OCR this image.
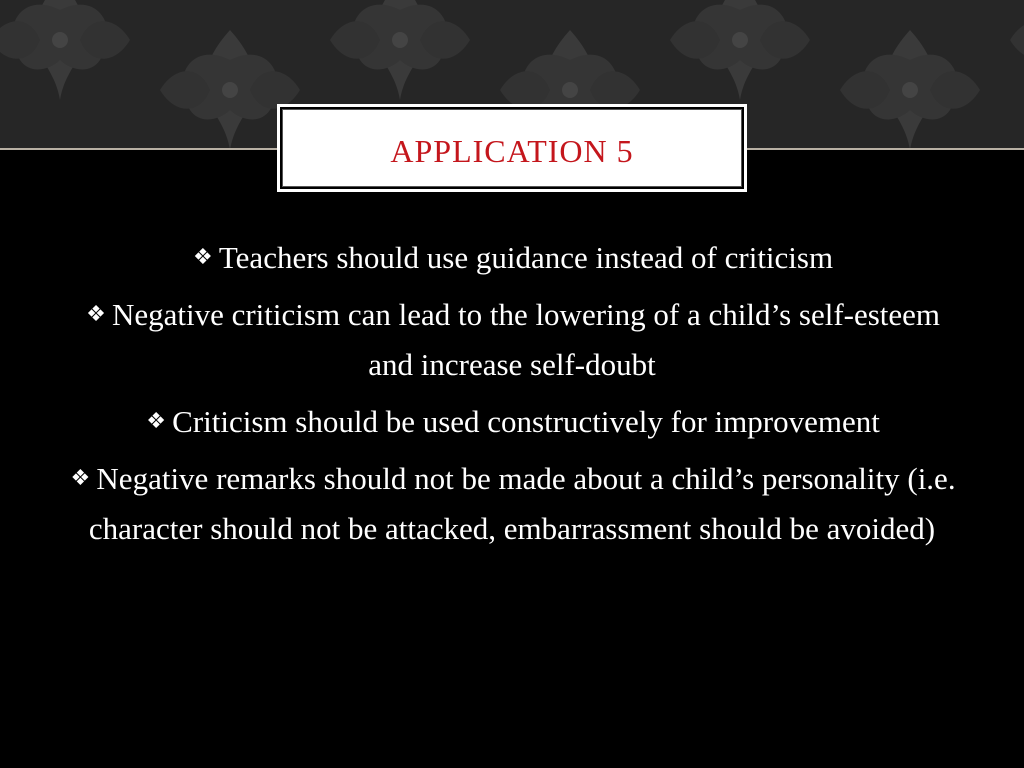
APPLICATION 5
❖ Teachers should use guidance instead of criticism
❖ Negative criticism can lead to the lowering of a child’s self-esteem and increase self-doubt
❖ Criticism should be used constructively for improvement
❖ Negative remarks should not be made about a child’s personality (i.e. character should not be attacked, embarrassment should be avoided)
